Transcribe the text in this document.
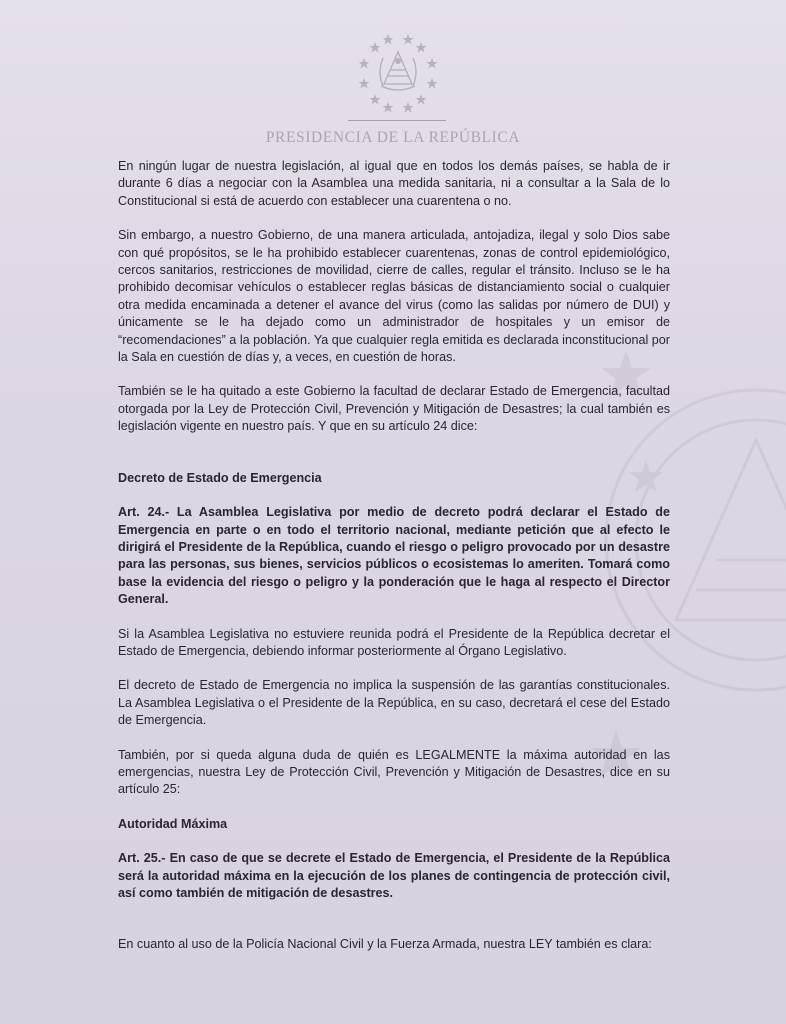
PRESIDENCIA DE LA REPÚBLICA

En ningún lugar de nuestra legislación, al igual que en todos los demás países, se habla de ir durante 6 días a negociar con la Asamblea una medida sanitaria, ni a consultar a la Sala de lo Constitucional si está de acuerdo con establecer una cuarentena o no.

Sin embargo, a nuestro Gobierno, de una manera articulada, antojadiza, ilegal y solo Dios sabe con qué propósitos, se le ha prohibido establecer cuarentenas, zonas de control epidemiológico, cercos sanitarios, restricciones de movilidad, cierre de calles, regular el tránsito. Incluso se le ha prohibido decomisar vehículos o establecer reglas básicas de distanciamiento social o cualquier otra medida encaminada a detener el avance del virus (como las salidas por número de DUI) y únicamente se le ha dejado como un administrador de hospitales y un emisor de “recomendaciones” a la población. Ya que cualquier regla emitida es declarada inconstitucional por la Sala en cuestión de días y, a veces, en cuestión de horas.

También se le ha quitado a este Gobierno la facultad de declarar Estado de Emergencia, facultad otorgada por la Ley de Protección Civil, Prevención y Mitigación de Desastres; la cual también es legislación vigente en nuestro país. Y que en su artículo 24 dice:

Decreto de Estado de Emergencia

Art. 24.- La Asamblea Legislativa por medio de decreto podrá declarar el Estado de Emergencia en parte o en todo el territorio nacional, mediante petición que al efecto le dirigirá el Presidente de la República, cuando el riesgo o peligro provocado por un desastre para las personas, sus bienes, servicios públicos o ecosistemas lo ameriten. Tomará como base la evidencia del riesgo o peligro y la ponderación que le haga al respecto el Director General.

Si la Asamblea Legislativa no estuviere reunida podrá el Presidente de la República decretar el Estado de Emergencia, debiendo informar posteriormente al Órgano Legislativo.

El decreto de Estado de Emergencia no implica la suspensión de las garantías constitucionales. La Asamblea Legislativa o el Presidente de la República, en su caso, decretará el cese del Estado de Emergencia.

También, por si queda alguna duda de quién es LEGALMENTE la máxima autoridad en las emergencias, nuestra Ley de Protección Civil, Prevención y Mitigación de Desastres, dice en su artículo 25:

Autoridad Máxima

Art. 25.- En caso de que se decrete el Estado de Emergencia, el Presidente de la República será la autoridad máxima en la ejecución de los planes de contingencia de protección civil, así como también de mitigación de desastres.

En cuanto al uso de la Policía Nacional Civil y la Fuerza Armada, nuestra LEY también es clara:
